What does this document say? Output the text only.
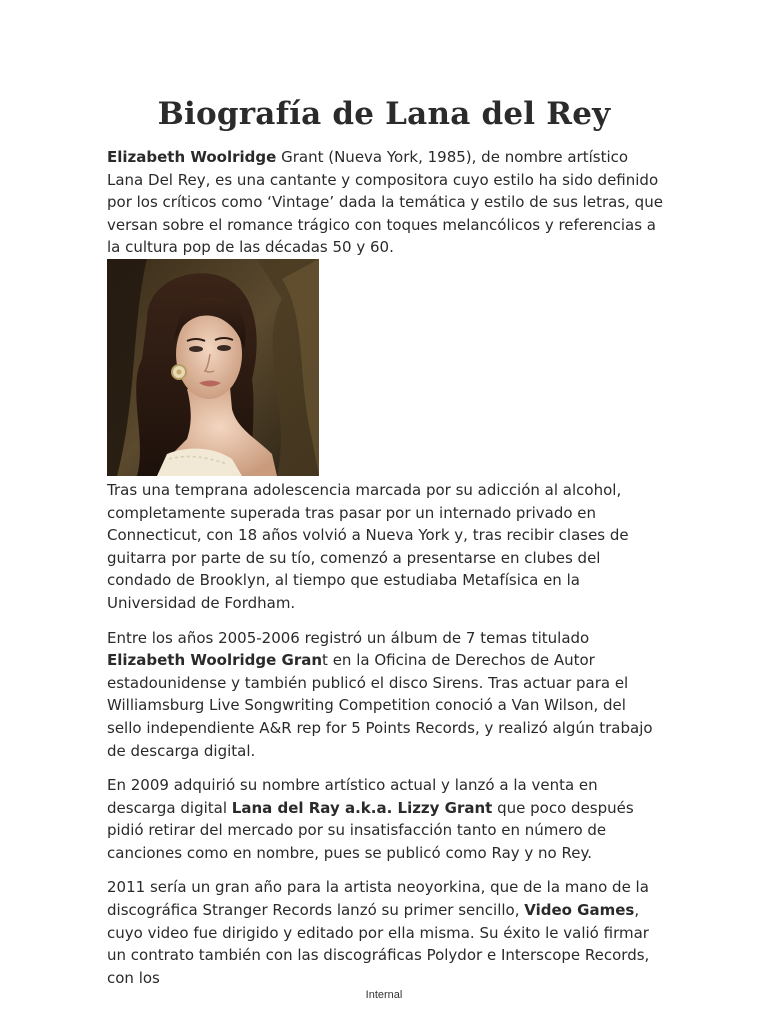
Biografía de Lana del Rey

Elizabeth Woolridge Grant (Nueva York, 1985), de nombre artístico Lana Del Rey, es una cantante y compositora cuyo estilo ha sido definido por los críticos como ‘Vintage’ dada la temática y estilo de sus letras, que versan sobre el romance trágico con toques melancólicos y referencias a la cultura pop de las décadas 50 y 60.

Tras una temprana adolescencia marcada por su adicción al alcohol, completamente superada tras pasar por un internado privado en Connecticut, con 18 años volvió a Nueva York y, tras recibir clases de guitarra por parte de su tío, comenzó a presentarse en clubes del condado de Brooklyn, al tiempo que estudiaba Metafísica en la Universidad de Fordham.

Entre los años 2005-2006 registró un álbum de 7 temas titulado Elizabeth Woolridge Grant en la Oficina de Derechos de Autor estadounidense y también publicó el disco Sirens. Tras actuar para el Williamsburg Live Songwriting Competition conoció a Van Wilson, del sello independiente A&R rep for 5 Points Records, y realizó algún trabajo de descarga digital.

En 2009 adquirió su nombre artístico actual y lanzó a la venta en descarga digital Lana del Ray a.k.a. Lizzy Grant que poco después pidió retirar del mercado por su insatisfacción tanto en número de canciones como en nombre, pues se publicó como Ray y no Rey.

2011 sería un gran año para la artista neoyorkina, que de la mano de la discográfica Stranger Records lanzó su primer sencillo, Video Games, cuyo video fue dirigido y editado por ella misma. Su éxito le valió firmar un contrato también con las discográficas Polydor e Interscope Records, con los

Internal
